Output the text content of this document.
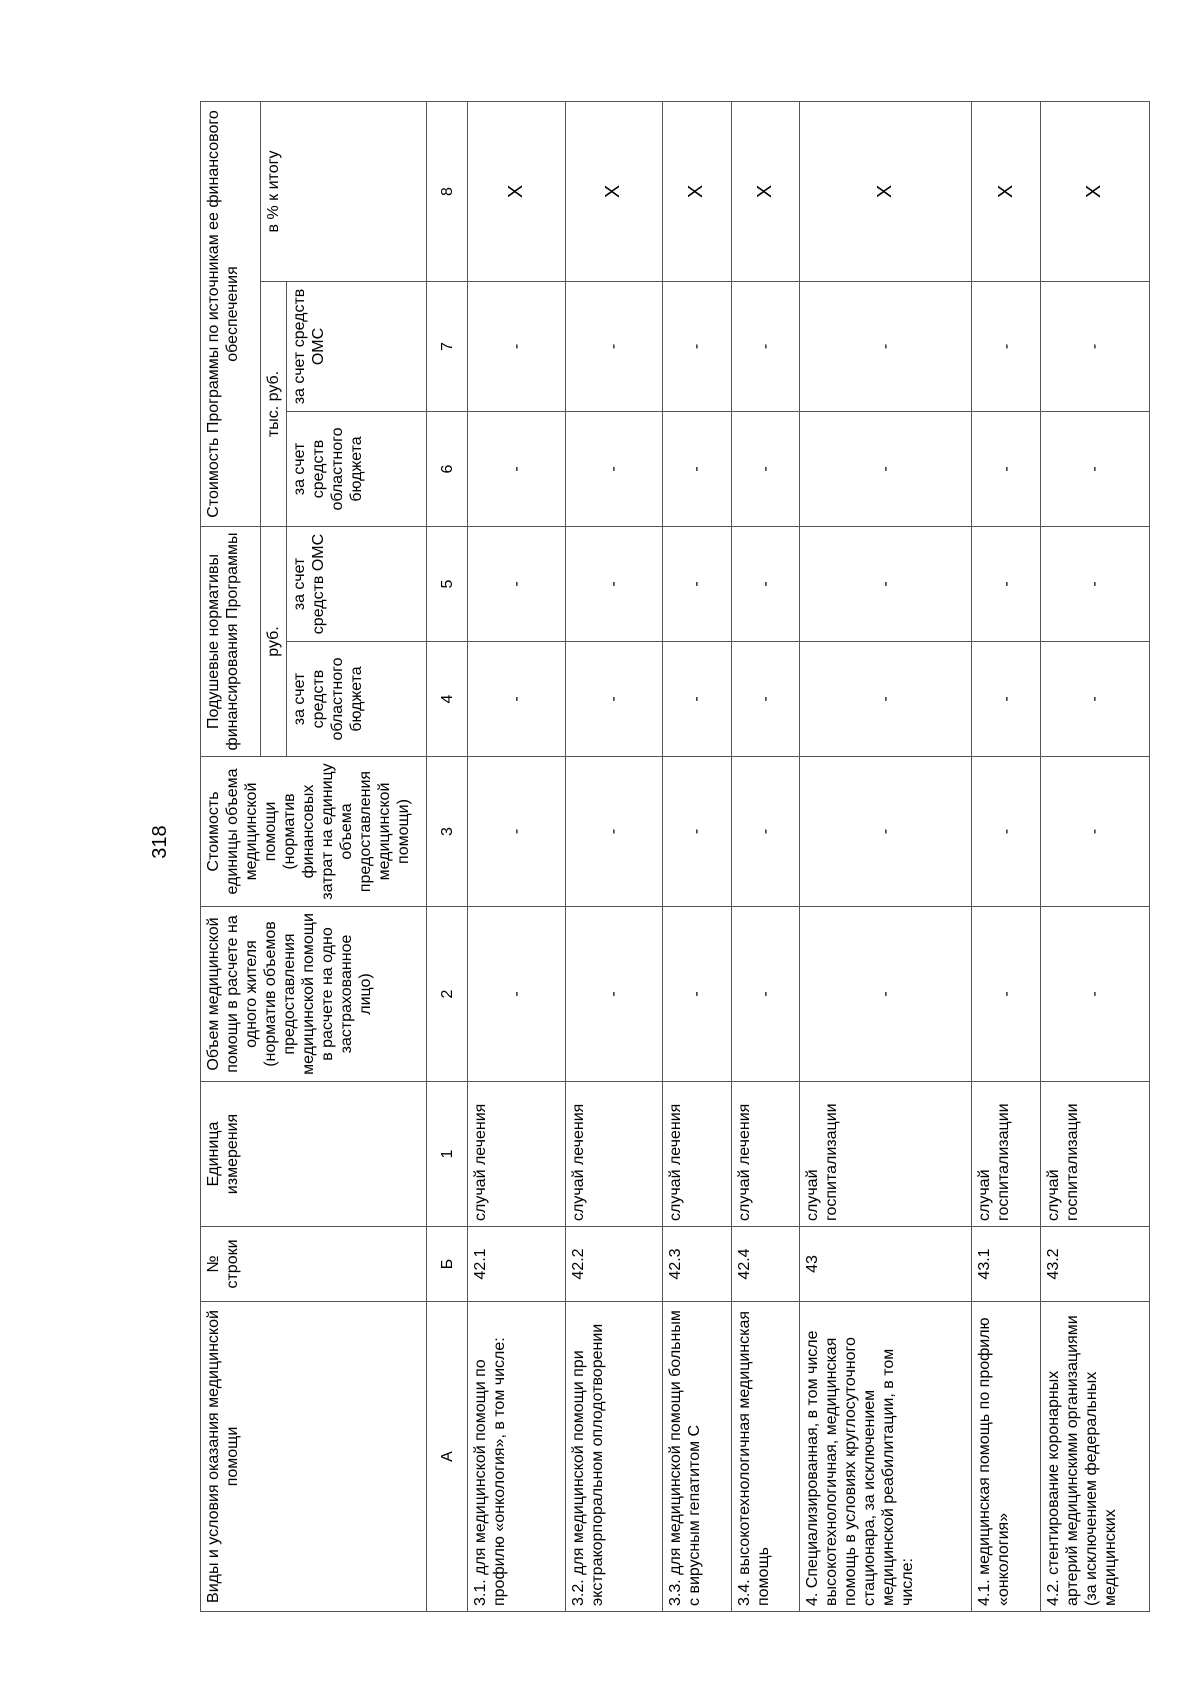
318
Виды и условия оказания медицинской помощи	№ строки	Единица измерения	Объем медицинской помощи в расчете на одного жителя (норматив объемов предоставления медицинской помощи в расчете на одно застрахованное лицо)	Стоимость единицы объема медицинской помощи (норматив финансовых затрат на единицу объема предоставления медицинской помощи)	Подушевые нормативы финансирования Программы		Стоимость Программы по источникам ее финансового обеспечения		
					руб.		тыс. руб.		в % к итогу
					за счет средств областного бюджета	за счет средств ОМС	за счет средств областного бюджета	за счет средств ОМС	
А	Б	1	2	3	4	5	6	7	8
3.1. для медицинской помощи по профилю «онкология», в том числе:	42.1	случай лечения	-	-	-	-	-	-	X
3.2. для медицинской помощи при экстракорпоральном оплодотворении	42.2	случай лечения	-	-	-	-	-	-	X
3.3. для медицинской помощи больным с вирусным гепатитом С	42.3	случай лечения	-	-	-	-	-	-	X
3.4. высокотехнологичная медицинская помощь	42.4	случай лечения	-	-	-	-	-	-	X
4. Специализированная, в том числе высокотехнологичная, медицинская помощь в условиях круглосуточного стационара, за исключением медицинской реабилитации, в том числе:	43	случай госпитализации	-	-	-	-	-	-	X
4.1. медицинская помощь по профилю «онкология»	43.1	случай госпитализации	-	-	-	-	-	-	X
4.2. стентирование коронарных артерий медицинскими организациями (за исключением федеральных медицинских	43.2	случай госпитализации	-	-	-	-	-	-	X
